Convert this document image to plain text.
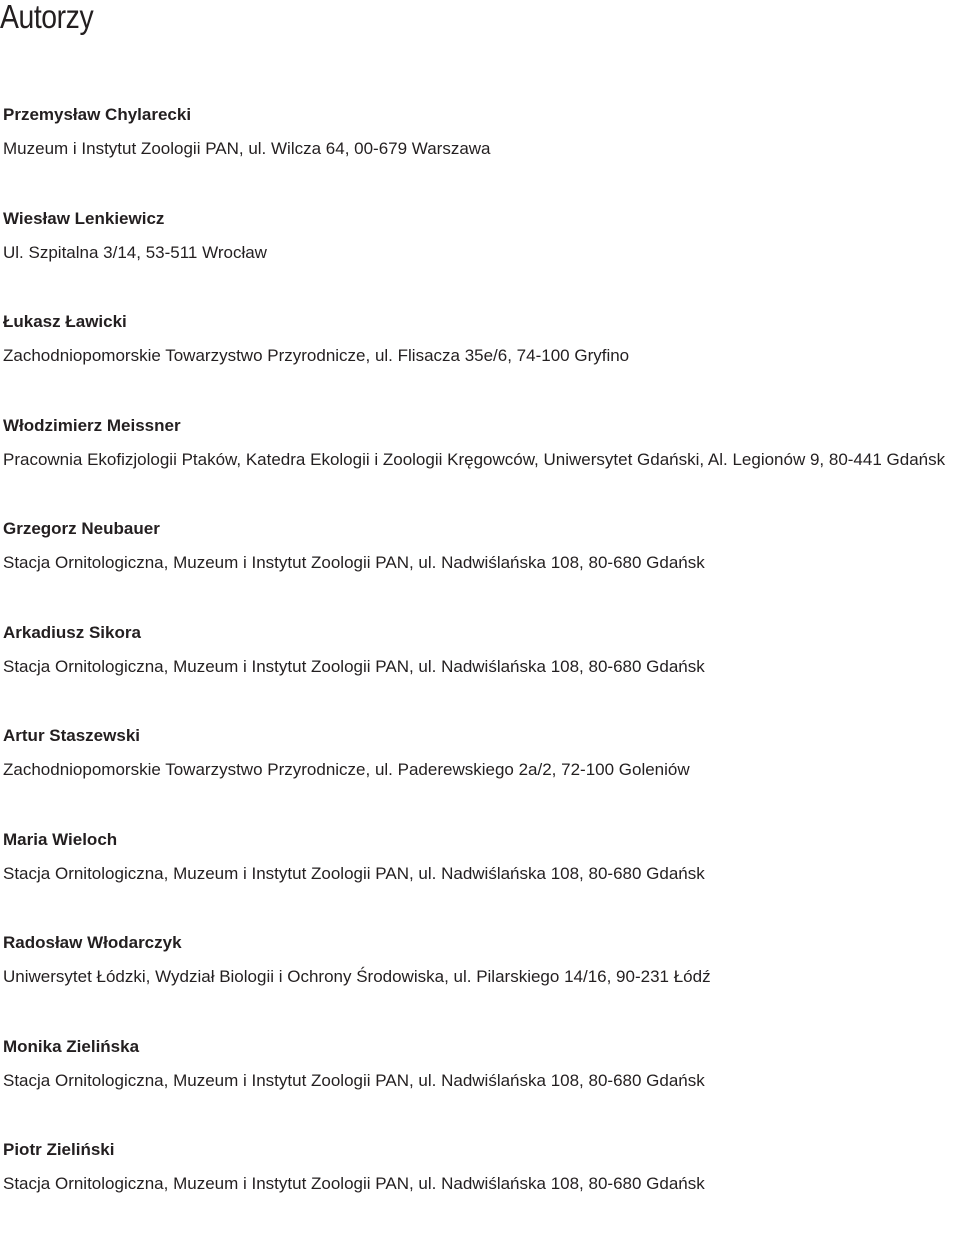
Autorzy
Przemysław Chylarecki
Muzeum i Instytut Zoologii PAN, ul. Wilcza 64, 00-679 Warszawa
Wiesław Lenkiewicz
Ul. Szpitalna 3/14, 53-511 Wrocław
Łukasz Ławicki
Zachodniopomorskie Towarzystwo Przyrodnicze, ul. Flisacza 35e/6, 74-100 Gryfino
Włodzimierz Meissner
Pracownia Ekofizjologii Ptaków, Katedra Ekologii i Zoologii Kręgowców, Uniwersytet Gdański, Al. Legionów 9, 80-441 Gdańsk
Grzegorz Neubauer
Stacja Ornitologiczna, Muzeum i Instytut Zoologii PAN, ul. Nadwiślańska 108, 80-680 Gdańsk
Arkadiusz Sikora
Stacja Ornitologiczna, Muzeum i Instytut Zoologii PAN, ul. Nadwiślańska 108, 80-680 Gdańsk
Artur Staszewski
Zachodniopomorskie Towarzystwo Przyrodnicze, ul. Paderewskiego 2a/2, 72-100 Goleniów
Maria Wieloch
Stacja Ornitologiczna, Muzeum i Instytut Zoologii PAN, ul. Nadwiślańska 108, 80-680 Gdańsk
Radosław Włodarczyk
Uniwersytet Łódzki, Wydział Biologii i Ochrony Środowiska, ul. Pilarskiego 14/16, 90-231 Łódź
Monika Zielińska
Stacja Ornitologiczna, Muzeum i Instytut Zoologii PAN, ul. Nadwiślańska 108, 80-680 Gdańsk
Piotr Zieliński
Stacja Ornitologiczna, Muzeum i Instytut Zoologii PAN, ul. Nadwiślańska 108, 80-680 Gdańsk
